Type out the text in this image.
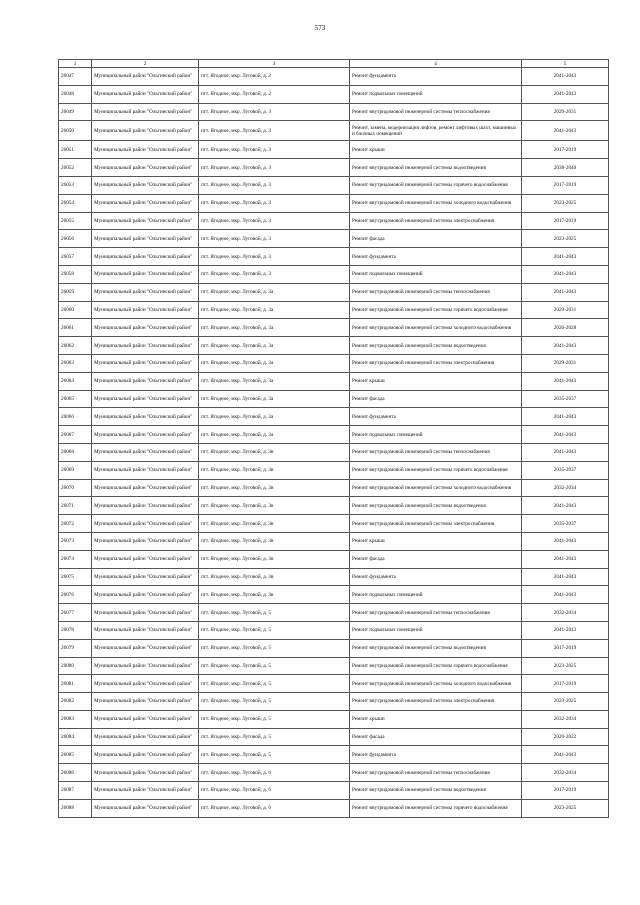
573
1	2	3	4	5
26047	Муниципальный район "Ольгинский район"	пгт. Ягодное, мкр. Луговой, д. 2	Ремонт фундамента	2041-2043
26048	Муниципальный район "Ольгинский район"	пгт. Ягодное, мкр. Луговой, д. 2	Ремонт подвальных помещений	2041-2043
26049	Муниципальный район "Ольгинский район"	пгт. Ягодное, мкр. Луговой, д. 3	Ремонт внутридомовой инженерной системы теплоснабжения	2029-2031
26050	Муниципальный район "Ольгинский район"	пгт. Ягодное, мкр. Луговой, д. 3	Ремонт, замена, модернизация лифтов, ремонт лифтовых шахт, машинных и блочных помещений	2041-2043
26051	Муниципальный район "Ольгинский район"	пгт. Ягодное, мкр. Луговой, д. 3	Ремонт крыши	2017-2019
26052	Муниципальный район "Ольгинский район"	пгт. Ягодное, мкр. Луговой, д. 3	Ремонт внутридомовой инженерной системы водоотведения	2038-2040
26053	Муниципальный район "Ольгинский район"	пгт. Ягодное, мкр. Луговой, д. 3	Ремонт внутридомовой инженерной системы горячего водоснабжения	2017-2019
26054	Муниципальный район "Ольгинский район"	пгт. Ягодное, мкр. Луговой, д. 3	Ремонт внутридомовой инженерной системы холодного водоснабжения	2023-2025
26055	Муниципальный район "Ольгинский район"	пгт. Ягодное, мкр. Луговой, д. 3	Ремонт внутридомовой инженерной системы электроснабжения	2017-2019
26056	Муниципальный район "Ольгинский район"	пгт. Ягодное, мкр. Луговой, д. 3	Ремонт фасада	2023-2025
26057	Муниципальный район "Ольгинский район"	пгт. Ягодное, мкр. Луговой, д. 3	Ремонт фундамента	2041-2043
26058	Муниципальный район "Ольгинский район"	пгт. Ягодное, мкр. Луговой, д. 3	Ремонт подвальных помещений	2041-2043
26059	Муниципальный район "Ольгинский район"	пгт. Ягодное, мкр. Луговой, д. 3а	Ремонт внутридомовой инженерной системы теплоснабжения	2041-2043
26060	Муниципальный район "Ольгинский район"	пгт. Ягодное, мкр. Луговой, д. 3а	Ремонт внутридомовой инженерной системы горячего водоснабжения	2029-2031
26061	Муниципальный район "Ольгинский район"	пгт. Ягодное, мкр. Луговой, д. 3а	Ремонт внутридомовой инженерной системы холодного водоснабжения	2026-2028
26062	Муниципальный район "Ольгинский район"	пгт. Ягодное, мкр. Луговой, д. 3а	Ремонт внутридомовой инженерной системы водоотведения	2041-2043
26063	Муниципальный район "Ольгинский район"	пгт. Ягодное, мкр. Луговой, д. 3а	Ремонт внутридомовой инженерной системы электроснабжения	2029-2031
26064	Муниципальный район "Ольгинский район"	пгт. Ягодное, мкр. Луговой, д. 3а	Ремонт крыши	2041-2043
26065	Муниципальный район "Ольгинский район"	пгт. Ягодное, мкр. Луговой, д. 3а	Ремонт фасада	2035-2037
26066	Муниципальный район "Ольгинский район"	пгт. Ягодное, мкр. Луговой, д. 3а	Ремонт фундамента	2041-2043
26067	Муниципальный район "Ольгинский район"	пгт. Ягодное, мкр. Луговой, д. 3а	Ремонт подвальных помещений	2041-2043
26068	Муниципальный район "Ольгинский район"	пгт. Ягодное, мкр. Луговой, д. 3в	Ремонт внутридомовой инженерной системы теплоснабжения	2041-2043
26069	Муниципальный район "Ольгинский район"	пгт. Ягодное, мкр. Луговой, д. 3в	Ремонт внутридомовой инженерной системы горячего водоснабжения	2035-2037
26070	Муниципальный район "Ольгинский район"	пгт. Ягодное, мкр. Луговой, д. 3в	Ремонт внутридомовой инженерной системы холодного водоснабжения	2032-2034
26071	Муниципальный район "Ольгинский район"	пгт. Ягодное, мкр. Луговой, д. 3в	Ремонт внутридомовой инженерной системы водоотведения	2041-2043
26072	Муниципальный район "Ольгинский район"	пгт. Ягодное, мкр. Луговой, д. 3в	Ремонт внутридомовой инженерной системы электроснабжения	2035-2037
26073	Муниципальный район "Ольгинский район"	пгт. Ягодное, мкр. Луговой, д. 3в	Ремонт крыши	2041-2043
26074	Муниципальный район "Ольгинский район"	пгт. Ягодное, мкр. Луговой, д. 3в	Ремонт фасада	2041-2043
26075	Муниципальный район "Ольгинский район"	пгт. Ягодное, мкр. Луговой, д. 3в	Ремонт фундамента	2041-2043
26076	Муниципальный район "Ольгинский район"	пгт. Ягодное, мкр. Луговой, д. 3в	Ремонт подвальных помещений	2041-2043
26077	Муниципальный район "Ольгинский район"	пгт. Ягодное, мкр. Луговой, д. 5	Ремонт внутридомовой инженерной системы теплоснабжения	2032-2034
26078	Муниципальный район "Ольгинский район"	пгт. Ягодное, мкр. Луговой, д. 5	Ремонт подвальных помещений	2041-2043
26079	Муниципальный район "Ольгинский район"	пгт. Ягодное, мкр. Луговой, д. 5	Ремонт внутридомовой инженерной системы водоотведения	2017-2019
26080	Муниципальный район "Ольгинский район"	пгт. Ягодное, мкр. Луговой, д. 5	Ремонт внутридомовой инженерной системы горячего водоснабжения	2023-2025
26081	Муниципальный район "Ольгинский район"	пгт. Ягодное, мкр. Луговой, д. 5	Ремонт внутридомовой инженерной системы холодного водоснабжения	2017-2019
26082	Муниципальный район "Ольгинский район"	пгт. Ягодное, мкр. Луговой, д. 5	Ремонт внутридомовой инженерной системы электроснабжения	2023-2025
26083	Муниципальный район "Ольгинский район"	пгт. Ягодное, мкр. Луговой, д. 5	Ремонт крыши	2032-2034
26084	Муниципальный район "Ольгинский район"	пгт. Ягодное, мкр. Луговой, д. 5	Ремонт фасада	2020-2022
26085	Муниципальный район "Ольгинский район"	пгт. Ягодное, мкр. Луговой, д. 5	Ремонт фундамента	2041-2043
26086	Муниципальный район "Ольгинский район"	пгт. Ягодное, мкр. Луговой, д. 6	Ремонт внутридомовой инженерной системы теплоснабжения	2032-2034
26087	Муниципальный район "Ольгинский район"	пгт. Ягодное, мкр. Луговой, д. 6	Ремонт внутридомовой инженерной системы водоотведения	2017-2019
26088	Муниципальный район "Ольгинский район"	пгт. Ягодное, мкр. Луговой, д. 6	Ремонт внутридомовой инженерной системы горячего водоснабжения	2023-2025
